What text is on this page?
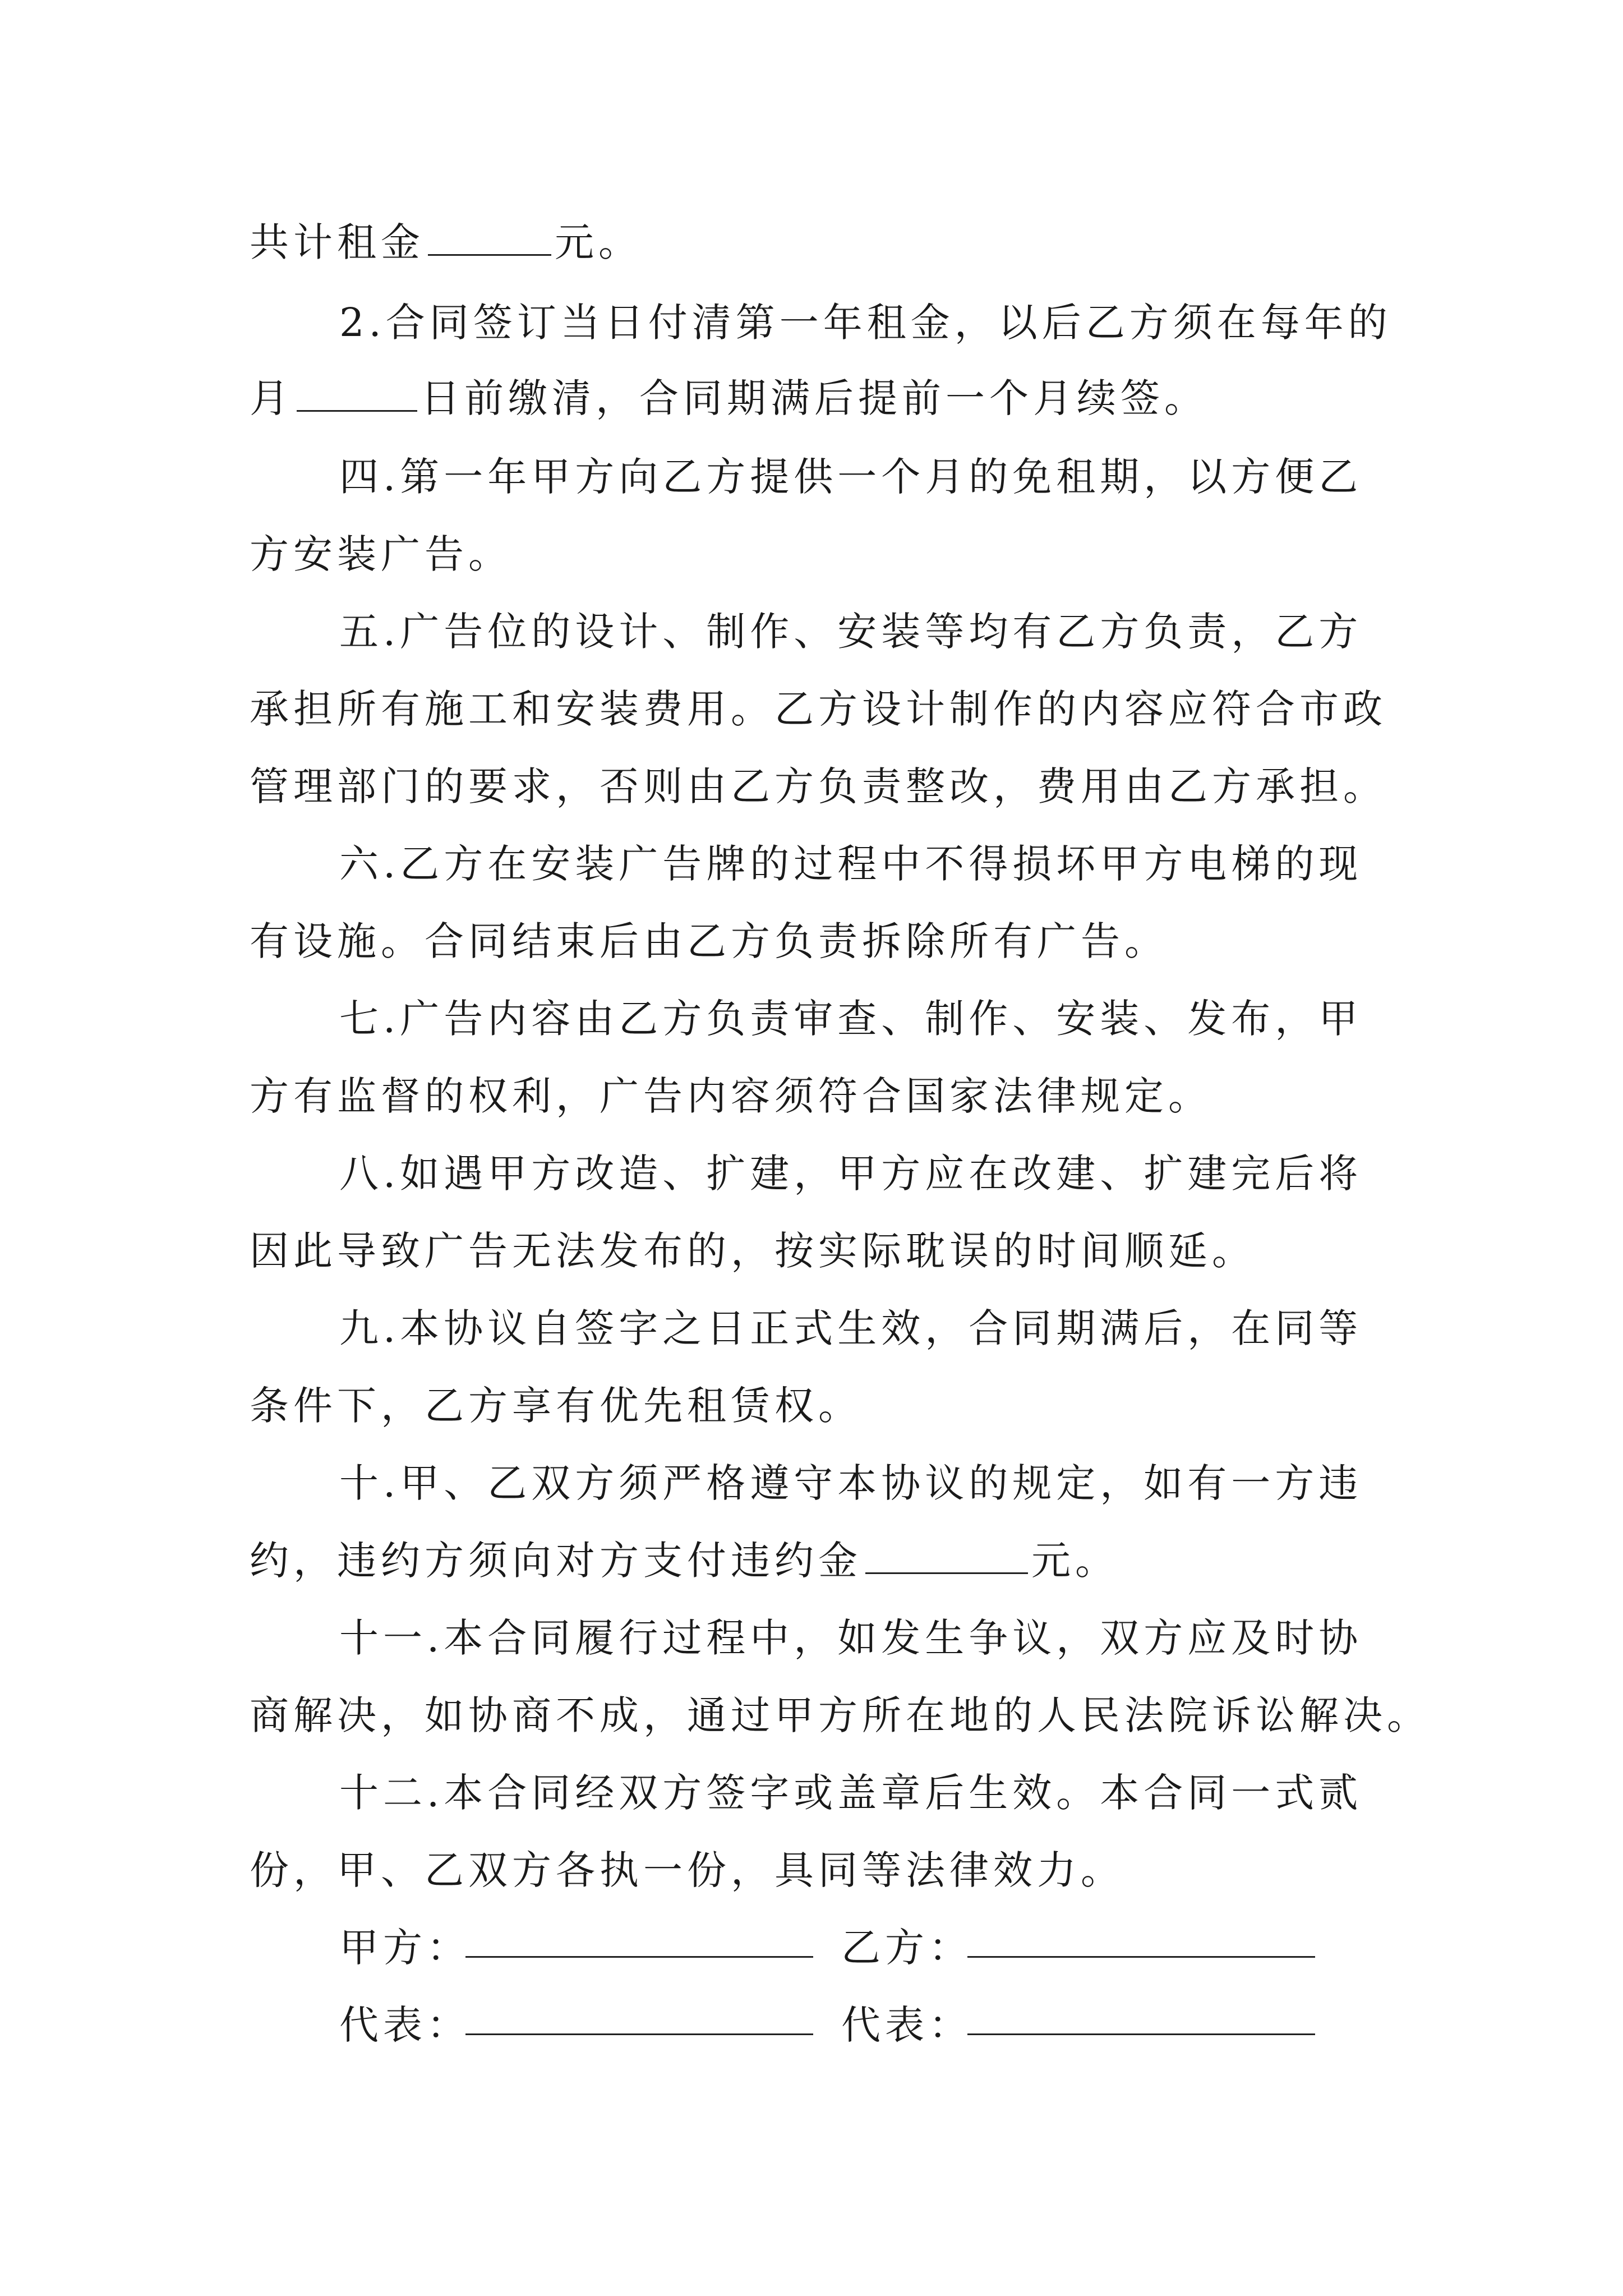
共计租金	元。
2.合同签订当日付清第一年租金，以后乙方须在每年的
月	日前缴清，合同期满后提前一个月续签。
四.第一年甲方向乙方提供一个月的免租期，以方便乙
方安装广告。
五.广告位的设计、制作、安装等均有乙方负责，乙方
承担所有施工和安装费用。乙方设计制作的内容应符合市政
管理部门的要求，否则由乙方负责整改，费用由乙方承担。
六.乙方在安装广告牌的过程中不得损坏甲方电梯的现
有设施。合同结束后由乙方负责拆除所有广告。
七.广告内容由乙方负责审查、制作、安装、发布，甲
方有监督的权利，广告内容须符合国家法律规定。
八.如遇甲方改造、扩建，甲方应在改建、扩建完后将
因此导致广告无法发布的，按实际耽误的时间顺延。
九.本协议自签字之日正式生效，合同期满后，在同等
条件下，乙方享有优先租赁权。
十.甲、乙双方须严格遵守本协议的规定，如有一方违
约，违约方须向对方支付违约金	元。
十一.本合同履行过程中，如发生争议，双方应及时协
商解决，如协商不成，通过甲方所在地的人民法院诉讼解决。
十二.本合同经双方签字或盖章后生效。本合同一式贰
份，甲、乙双方各执一份，具同等法律效力。
甲方：	乙方：
代表：	代表：
